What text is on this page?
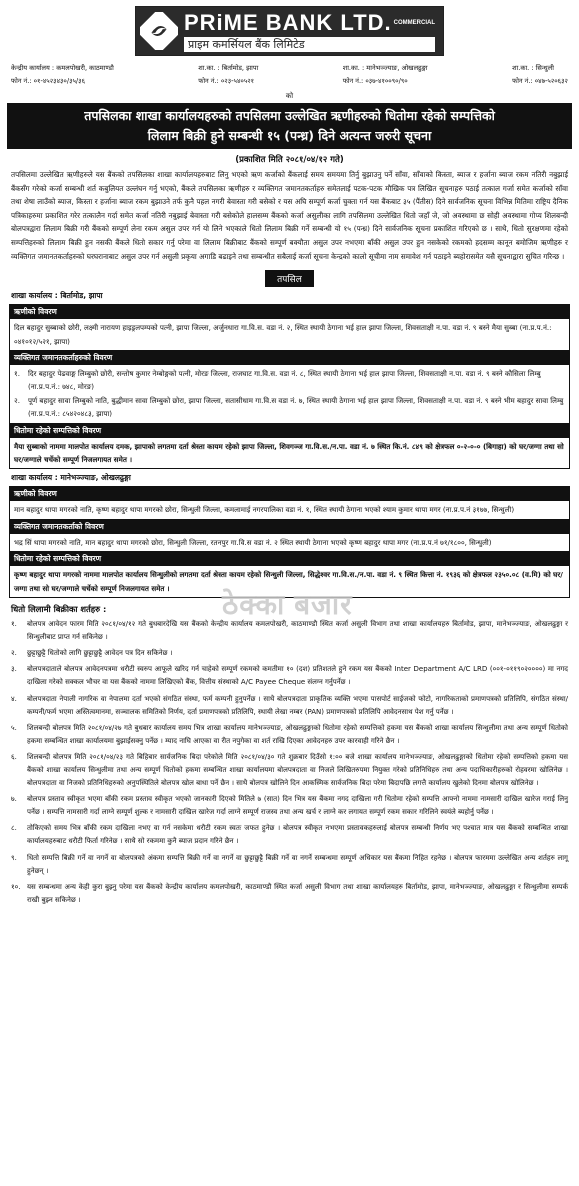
PRiME BANK LTD. $^{COMMERCIAL}$
प्राइम कमर्सियल बैंक लिमिटेड
केन्द्रीय कार्यालय : कमलपोखरी, काठमाण्डौ
फोन नं.: ०१-४५२३४३०/३५/३६
शा.का. : बिर्तामोड, झापा
फोन नं.: ०२३-५४०५२१
शा.का. : मानेभञ्ज्याङ, ओखलढुङ्गा
फोन नं.: ०३७-४१००९०/९०
शा.का. : सिन्धुली
फोन नं.: ०४७-५२०६३२
को
तपसिलका शाखा कार्यालयहरुको तपसिलमा उल्लेखित ऋणीहरुको धितोमा रहेको सम्पत्तिको
लिलाम बिक्री हुने सम्बन्धी १५ (पन्ध्र) दिने अत्यन्त जरुरी सूचना
(प्रकाशित मिति २०८१/०४/१२ गते)
तपसिलमा उल्लेखित ऋणीहरुले यस बैंकको तपसिलका शाखा कार्यालयहरुबाट लिनु भएको ऋण कर्जाको बैंकलाई समय समयमा तिर्नु बुझाउनु पर्ने साँवा, साँवाको किस्ता, ब्याज र हर्जाना ब्याज रकम नतिरी नबुझाई बैंकसँग गरेको कर्जा सम्बन्धी शर्त कबुलियत उल्लंघन गर्नु भएको, बैंकले तपसिलका ऋणीहरु र व्यक्तिगत जमानतकर्ताहरु समेतलाई पटक-पटक मौखिक पत्र लिखित सूचनाहरु पठाई तत्काल गर्जा समेत कर्जाको साँवा तथा शेषा लाउँको ब्याज, किस्ता र हर्जाना ब्याज रकम बुझाउने तर्फ कुनै पहल नगरी बेवास्ता गरी बसेको र यस अघि सम्पूर्ण कर्जा चुक्ता गर्न यस बैंकबाट ३५ (पैंतीस) दिने सार्वजनिक सूचना विभिन्न मितिमा राष्ट्रिय दैनिक पत्रिकाहरुमा प्रकाशित गरेर तत्कालैन गर्दा समेत कर्जा नतिरी नबुझाई बेवास्ता गरी बसेकोले हालसम्म बैंकको कर्जा असुलीका लागि तपसिलमा उल्लेखित धितो जहाँ जे, जो अवस्थामा छ सोही अवस्थामा गोप्य शिलबन्दी बोलपत्रद्वारा लिलाम बिक्री गरी बैंकको सम्पूर्ण लेना रकम असुल उपर गर्न यो लिने भएकाले धितो लिलाम बिक्री गर्ने सम्बन्धी यो १५ (पन्ध्र) दिने सार्वजनिक सूचना प्रकाशित गरिएको छ । साथै, धितो सुरक्षणमा रहेको सम्पत्तिहरुको लिलाम बिक्री हुन नसकी बैंकले धितो सकार गर्नु परेमा वा लिलाम बिक्रीबाट बैंकको सम्पूर्ण बक्यौता असुल उपर नभएमा बाँकी असुल उपर हुन नसकेको रकमको हदसम्म कानून बमोजिम ऋणीहरु र व्यक्तिगत जमानतकर्ताहरुको घरघरानाबाट असुल उपर गर्न असुली प्रकृया अगाडि बढाइने तथा सम्बन्धीत सबैलाई कर्जा सूचना केन्द्रको कालो सूचीमा नाम समावेश गर्न पठाइने ब्यहोरासमेत यसै सूचनाद्वारा सुचित गरिन्छ ।
तपसिल
शाखा कार्यालय : बिर्तामोड, झापा
ऋणीको विवरण
दिल बहादुर सुब्बाको छोरी, लक्ष्मी नारायण हाइड्रलपम्पको पत्नी, झापा जिल्ला, अर्जुनधारा गा.वि.स. वडा नं. २, स्थित स्थायी ठेगाना भई हाल झापा जिल्ला, शिवसताक्षी न.पा. वडा नं. ९ बस्ने मैया सुब्बा (ना.प्र.प.नं.: ०४१०१२/५२१, झापा)
व्यक्तिगत जमानतकर्ताहरुको विवरण
१.	दिर बहादुर पेढवाङ्ग लिम्बुको छोरी, सन्तोष कुमार नेम्बोङ्गको पत्नी, मोरङ जिल्ला, राजघाट गा.वि.स. वडा नं. ८, स्थित स्थायी ठेगाना भई हाल झापा जिल्ला, शिवसताक्षी न.पा. वडा नं. ९ बस्ने कौसिला लिम्बु (ना.प्र.प.नं.: ७४८, मोरङ)
२.	पूर्ण बहादुर सावा लिम्बुको नाति, बुद्धीमान सावा लिम्बुको छोरा, झापा जिल्ला, सतासीधाम गा.वि.स वडा नं. ७, स्थित स्थायी ठेगाना भई हाल झापा जिल्ला, शिवसताक्षी न.पा. वडा नं. ९ बस्ने भीम बहादुर सावा लिम्बु (ना.प्र.प.नं.: ८५४२०४८३, झापा)
धितोमा रहेको सम्पत्तिको विवरण
मैया सुब्बाको नाममा मालपोत कार्यालय दमक, झापाको लगतमा दर्ता श्रेस्ता कायम रहेको झापा जिल्ला, शिवगञ्ज गा.वि.स./न.पा. वडा नं. ७ स्थित कि.नं. ८४९ को क्षेत्रफल ०-२-०-० (बिगाहा) को घर/जग्गा तथा सो घर/जग्गाले चर्चेको सम्पूर्ण निजलगायत समेत ।
शाखा कार्यालय : मानेभञ्ज्याङ, ओखलढुङ्गा
ऋणीको विवरण
मान बहादुर थापा मगरको नाति, कृष्ण बहादुर थापा मगरको छोरा, सिन्धुली जिल्ला, कमलामाई नगरपालिका वडा नं. १, स्थित स्थायी ठेगाना भएको श्याम कुमार थापा मगर (ना.प्र.प.नं ३१७७, सिन्धुली)
व्यक्तिगत जमानतकर्ताको विवरण
भद्र सिं थापा मगरको नाति, मान बहादुर थापा मगरको छोरा, सिन्धुली जिल्ला, रतनपुर गा.वि.स वडा नं. २ स्थित स्थायी ठेगाना भएको कृष्ण बहादुर थापा मगर (ना.प्र.प.नं ७१/१८००, सिन्धुली)
धितोमा रहेको सम्पत्तिको विवरण
कृष्ण बहादुर थापा मगरको नाममा मालपोत कार्यालय सिन्धुलीको लगतमा दर्ता श्रेस्ता कायम रहेको सिन्धुली जिल्ला, सिद्धेश्वर गा.वि.स./न.पा. वडा नं. ९ स्थित कित्ता नं. १९३६ को क्षेत्रफल २३५०.०८ (व.मि) को घर/जग्गा तथा सो घर/जग्गाले चर्चेको सम्पूर्ण निजलगायत समेत ।
ठेक्का बजार
धितो लिलामी बिक्रीका शर्तहरु :
१.	बोलपत्र आवेदन फारम मिति २०८१/०४/१२ गते बुधबारदेखि यस बैंकको केन्द्रीय कार्यालय कमलपोखरी, काठमाण्डौ स्थित कर्जा असुली विभाग तथा शाखा कार्यालयहरु बिर्तामोड, झापा, मानेभञ्ज्याङ, ओखलढुङ्गा र सिन्धुलीबाट प्राप्त गर्न सकिनेछ ।
२.	छुट्टाछुट्टै धितोको लागि छुट्टाछुट्टै आवेदन पत्र दिन सकिनेछ ।
३.	बोलपत्रदाताले बोलपत्र आवेदनपत्रमा धरौटी स्वरुप आफूले खरिद गर्न चाहेको सम्पूर्ण रकमको कमतीमा १० (दश) प्रतिशतले हुने रकम यस बैंकको Inter Department A/C LRD (००१-०११९०२००००) मा नगद दाखिला गरेको सक्कल भौचर वा यस बैंकको नाममा लिखिएको बैंक, वित्तीय संस्थाको A/C Payee Cheque संलग्न गर्नुपर्नेछ ।
४.	बोलपत्रदाता नेपाली नागरिक वा नेपालमा दर्ता भएको संगठित संस्था, फर्म कम्पनी हुनुपर्नेछ । साथै बोलपत्रदाता प्राकृतिक व्यक्ति भएमा पासपोर्ट साईजको फोटो, नागरिकताको प्रमाणपत्रको प्रतिलिपि, संगठित संस्था/कम्पनी/फर्म भएमा अस्तित्वमानमा, सञ्चालक समितिको निर्णय, दर्ता प्रमाणपत्रको प्रतिलिपि, स्थायी लेखा नम्बर (PAN) प्रमाणपत्रको प्रतिलिपि आवेदनसाथ पेश गर्नु पर्नेछ ।
५.	शिलबन्दी बोलपत्र मिति २०८१/०४/२७ गते बुधबार कार्यालय समय भित्र शाखा कार्यालय मानेभञ्ज्याङ, ओखलढुङ्गाको धितोमा रहेको सम्पत्तिको हकमा यस बैंकको शाखा कार्यालय सिन्धुलीमा तथा अन्य सम्पूर्ण धितोको हकमा सम्बन्धित शाखा कार्यालयमा बुझाईसक्नु पर्नेछ । म्याद नाघि आएका वा रीत नपुगेका वा शर्त राखि दिएका आवेदनहरु उपर कारवाही गरिने छैन ।
६.	शिलबन्दी बोलपत्र मिति २०८१/०४/२३ गते बिहिबार सार्वजनिक बिदा परेकोले मिति २०८१/०४/३० गते शुक्रबार दिउँसो १:०० बजे शाखा कार्यालय मानेभञ्ज्याङ, ओखलढुङ्गाको धितोमा रहेको सम्पत्तिको हकमा यस बैंकको शाखा कार्यालय सिन्धुलीमा तथा अन्य सम्पूर्ण धितोको हकमा सम्बन्धित शाखा कार्यालयमा बोलपत्रदाता वा निजले लिखितरुपमा नियुक्त गरेको प्रतिनिधिहरु तथा अन्य पदाधिकारीहरुको रोहवरमा खोलिनेछ । बोलपत्रदाता वा निजको प्रतिनिधिहरुको अनुपस्थितिले बोलपत्र खोल बाधा पर्ने छैन । साथै बोलपत्र खोलिने दिन आकस्मिक सार्वजनिक बिदा परेमा बिदापछि लगत्तै कार्यालय खुलेको दिनमा बोलपत्र खोलिनेछ ।
७.	बोलपत्र प्रस्ताव स्वीकृत भएमा बाँकी रकम प्रस्ताव स्वीकृत भएको जानकारी दिएको मितिले ७ (सात) दिन भित्र यस बैंकमा नगद दाखिला गरी धितोमा रहेको सम्पत्ति आफ्नो नाममा नामसारी दाखिल खारेज गराई लिनु पर्नेछ । सम्पत्ति नामसारी गर्दा लाग्ने सम्पूर्ण शुल्क र नामसारी दाखिल खारेज गर्दा लाग्ने सम्पूर्ण राजस्व तथा अन्य खर्च र लाग्ने कर लगायत सम्पूर्ण रकम सकार गरिलिने स्वयंले ब्यहोर्नु पर्नेछ ।
८.	तोकिएको समय भित्र बाँकी रकम दाखिला नभए वा गर्न नसकेमा धरौटी रकम स्वतः जफत हुनेछ । बोलपत्र स्वीकृत नभएमा प्रस्तावकहरुलाई बोलपत्र सम्बन्धी निर्णय भए पश्चात मात्र यस बैंकको सम्बन्धित शाखा कार्यालयहरुबाट धरौटी फिर्ता गरिनेछ । साथै सो रकममा कुनै ब्याज प्रदान गरिने छैन ।
९.	धितो सम्पत्ति बिक्री गर्ने वा नगर्ने वा बोलपत्रको अंकमा सम्पत्ति बिक्री गर्ने वा नगर्ने वा छुट्टाछुट्टै बिक्री गर्ने वा नगर्ने सम्बन्धमा सम्पूर्ण अधिकार यस बैंकमा निहित रहनेछ । बोलपत्र फारममा उल्लेखित अन्य शर्तहरु लागू हुनेछन् ।
१०. यस सम्बन्धमा अन्य केही कुरा बुझ्नु परेमा यस बैंकको केन्द्रीय कार्यालय कमलपोखरी, काठमाण्डौ स्थित कर्जा असुली विभाग तथा शाखा कार्यालयहरु बिर्तामोड, झापा, मानेभञ्ज्याङ, ओखलढुङ्गा र सिन्धुलीमा सम्पर्क राखी बुझ्न सकिनेछ ।
